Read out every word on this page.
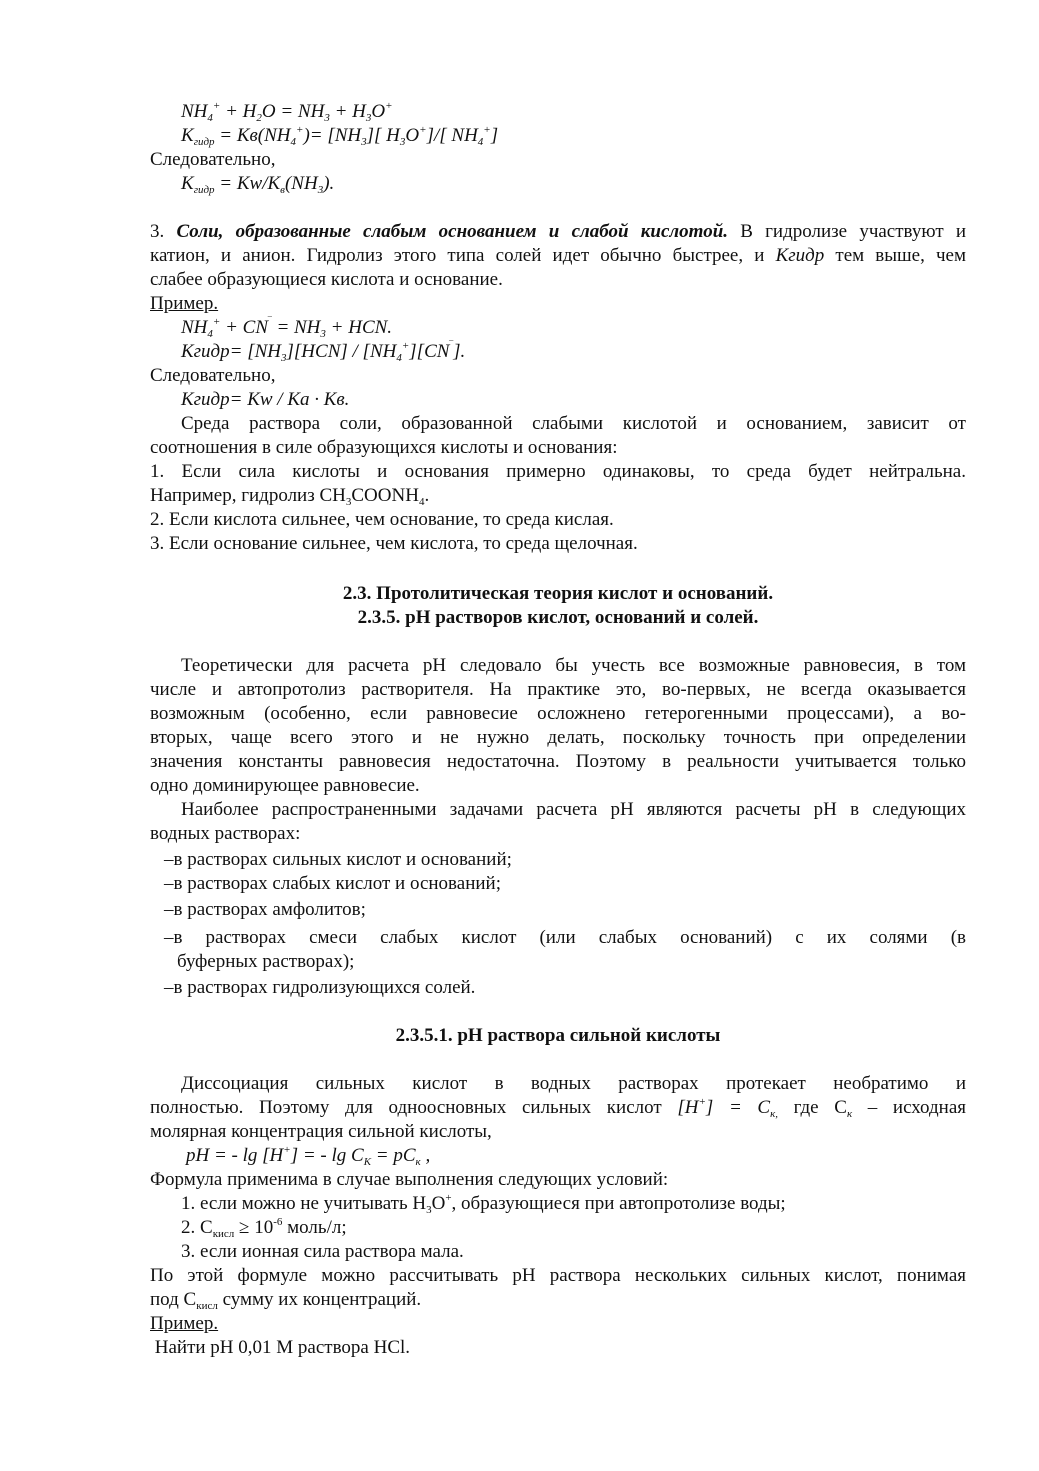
$NH_4^+ + H_2O = NH_3 + H_3O^+$
$K_{гидр} = Kв(NH_4^+)= [NH_3]$[ $H_3O^+]/$[ $NH_4^+$]
Следовательно,
$K_{гидр} = Kw/K_в(NH_3)$.
3. Соли, образованные слабым основанием и слабой кислотой. В гидролизе участвуют и
катион, и анион. Гидролиз этого типа солей идет обычно быстрее, и Кгидр тем выше, чем
слабее образующиеся кислота и основание.
Пример.
$NH_4^+ + CN^‾ = NH_3$ + HCN.
Кгидр= $[NH_3][HCN] / [NH_4^+][CN^‾]$.
Следовательно,
Кгидр= Kw / Ka · Kв.
Среда раствора соли, образованной слабыми кислотой и основанием, зависит от
соотношения в силе образующихся кислоты и основания:
1. Если сила кислоты и основания примерно одинаковы, то среда будет нейтральна.
Например, гидролиз $CH_3COONH_4$.
2. Если кислота сильнее, чем основание, то среда кислая.
3. Если основание сильнее, чем кислота, то среда щелочная.
2.3. Протолитическая теория кислот и оснований.
2.3.5. рН растворов кислот, оснований и солей.
Теоретически для расчета рН следовало бы учесть все возможные равновесия, в том
числе и автопротолиз растворителя. На практике это, во-первых, не всегда оказывается
возможным (особенно, если равновесие осложнено гетерогенными процессами), а во-
вторых, чаще всего этого и не нужно делать, поскольку точность при определении
значения константы равновесия недостаточна. Поэтому в реальности учитывается только
одно доминирующее равновесие.
Наиболее распространенными задачами расчета рН являются расчеты рН в следующих
водных растворах:
–в растворах сильных кислот и оснований;
–в растворах слабых кислот и оснований;
–в растворах амфолитов;
–в растворах смеси слабых кислот (или слабых оснований) с их солями (в
буферных растворах);
–в растворах гидролизующихся солей.
2.3.5.1. рН раствора сильной кислоты
Диссоциация сильных кислот в водных растворах протекает необратимо и
полностью. Поэтому для одноосновных сильных кислот $[H^+] = C_{к,}$ где $С_к$ – исходная
молярная концентрация сильной кислоты,
pH = - lg [H+] = - $\lg C_K = pC_к$ ,
Формула применима в случае выполнения следующих условий:
1. если можно не учитывать $H_3O^+$, образующиеся при автопротолизе воды;
2. $С_{кисл} \ge 10^{-6}$ моль/л;
3. если ионная сила раствора мала.
По этой формуле можно рассчитывать рН раствора нескольких сильных кислот, понимая
под $С_{кисл}$ сумму их концентраций.
Пример.
Найти рН 0,01 М раствора HCl.
